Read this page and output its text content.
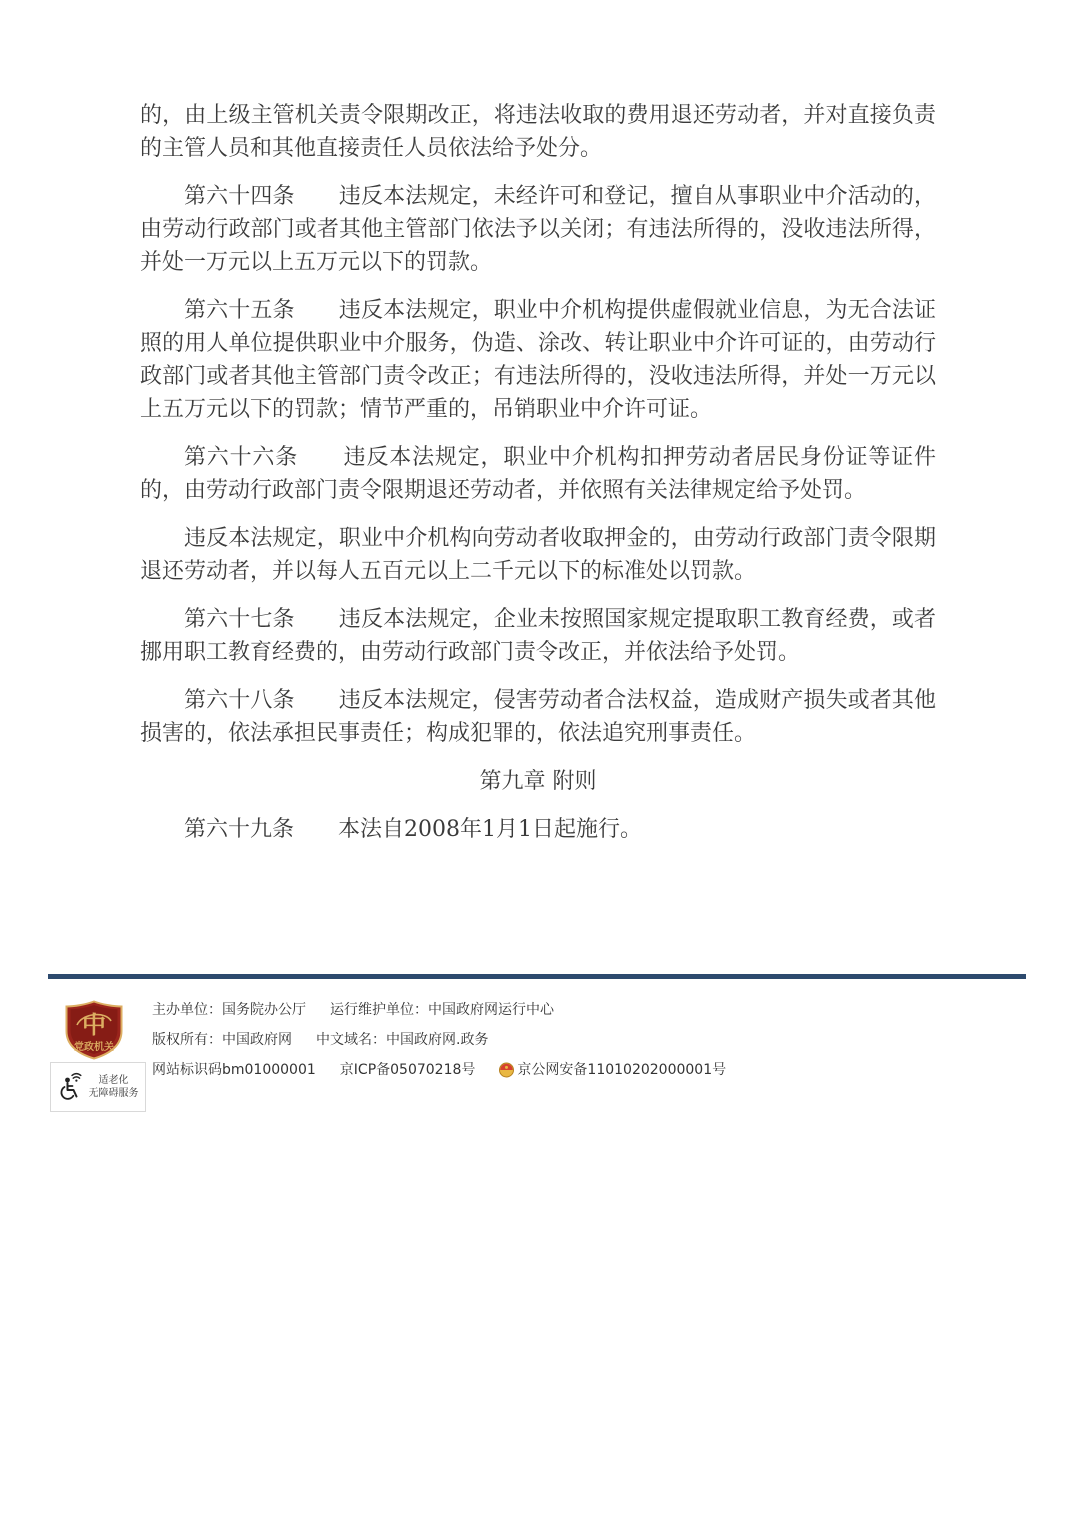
的，由上级主管机关责令限期改正，将违法收取的费用退还劳动者，并对直接负责的主管人员和其他直接责任人员依法给予处分。

第六十四条　　违反本法规定，未经许可和登记，擅自从事职业中介活动的，由劳动行政部门或者其他主管部门依法予以关闭；有违法所得的，没收违法所得，并处一万元以上五万元以下的罚款。

第六十五条　　违反本法规定，职业中介机构提供虚假就业信息，为无合法证照的用人单位提供职业中介服务，伪造、涂改、转让职业中介许可证的，由劳动行政部门或者其他主管部门责令改正；有违法所得的，没收违法所得，并处一万元以上五万元以下的罚款；情节严重的，吊销职业中介许可证。

第六十六条　　违反本法规定，职业中介机构扣押劳动者居民身份证等证件的，由劳动行政部门责令限期退还劳动者，并依照有关法律规定给予处罚。

违反本法规定，职业中介机构向劳动者收取押金的，由劳动行政部门责令限期退还劳动者，并以每人五百元以上二千元以下的标准处以罚款。

第六十七条　　违反本法规定，企业未按照国家规定提取职工教育经费，或者挪用职工教育经费的，由劳动行政部门责令改正，并依法给予处罚。

第六十八条　　违反本法规定，侵害劳动者合法权益，造成财产损失或者其他损害的，依法承担民事责任；构成犯罪的，依法追究刑事责任。

第九章 附则

第六十九条　　本法自2008年1月1日起施行。

中
党政机关
适老化
无障碍服务

主办单位：国务院办公厅 运行维护单位：中国政府网运行中心

版权所有：中国政府网 中文域名：中国政府网.政务

网站标识码bm01000001 京ICP备05070218号	京公网安备11010202000001号
